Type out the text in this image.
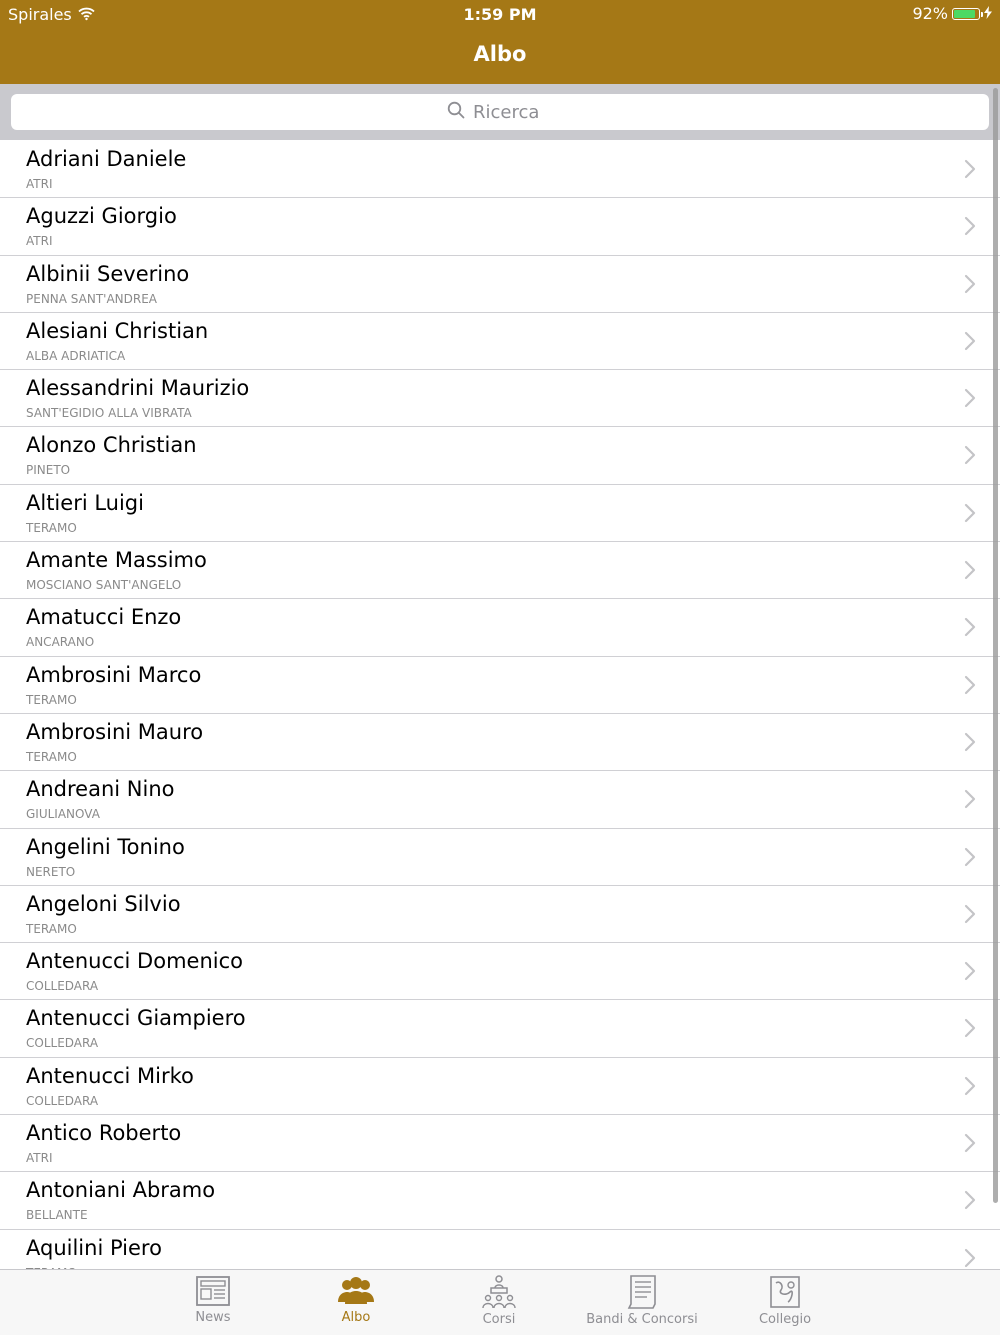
Spirales	1:59 PM	92%
Albo
Ricerca
Adriani Daniele
ATRI
Aguzzi Giorgio
ATRI
Albinii Severino
PENNA SANT'ANDREA
Alesiani Christian
ALBA ADRIATICA
Alessandrini Maurizio
SANT'EGIDIO ALLA VIBRATA
Alonzo Christian
PINETO
Altieri Luigi
TERAMO
Amante Massimo
MOSCIANO SANT'ANGELO
Amatucci Enzo
ANCARANO
Ambrosini Marco
TERAMO
Ambrosini Mauro
TERAMO
Andreani Nino
GIULIANOVA
Angelini Tonino
NERETO
Angeloni Silvio
TERAMO
Antenucci Domenico
COLLEDARA
Antenucci Giampiero
COLLEDARA
Antenucci Mirko
COLLEDARA
Antico Roberto
ATRI
Antoniani Abramo
BELLANTE
Aquilini Piero
News	Albo	Corsi	Bandi & Concorsi	Collegio
